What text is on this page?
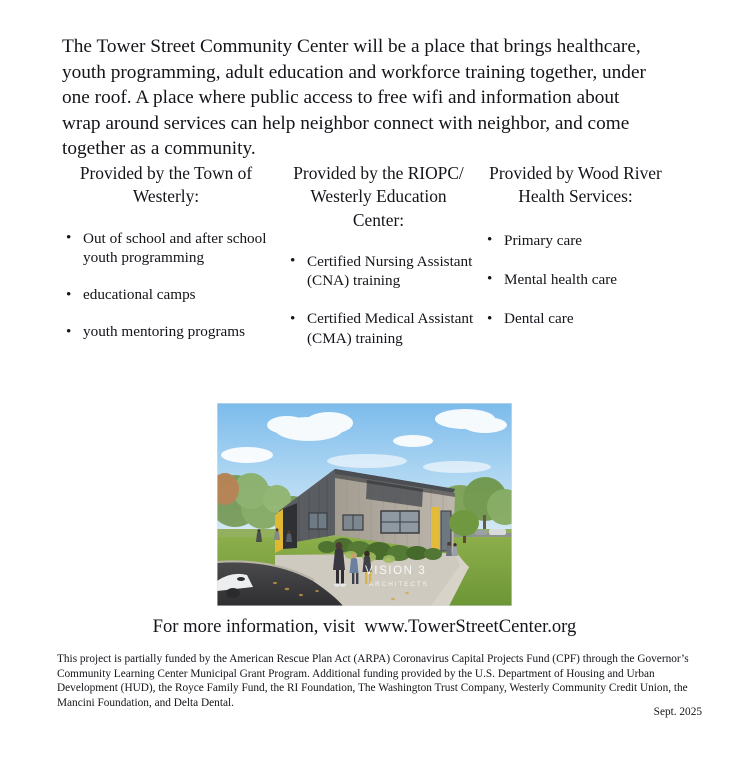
The Tower Street Community Center will be a place that brings healthcare, youth programming, adult education and workforce training together, under one roof. A place where public access to free wifi and information about wrap around services can help neighbor connect with neighbor, and come together as a community.

Provided by the Town of Westerly:

• Out of school and after school youth programming
• educational camps
• youth mentoring programs

Provided by the RIOPC/ Westerly Education Center:

• Certified Nursing Assistant (CNA) training
• Certified Medical Assistant (CMA) training

Provided by Wood River Health Services:

• Primary care
• Mental health care
• Dental care
VISION 3
ARCHITECTS
For more information, visit  www.TowerStreetCenter.org
This project is partially funded by the American Rescue Plan Act (ARPA) Coronavirus Capital Projects Fund (CPF) through the Governor’s Community Learning Center Municipal Grant Program. Additional funding provided by the U.S. Department of Housing and Urban Development (HUD), the Royce Family Fund, the RI Foundation, The Washington Trust Company, Westerly Community Credit Union, the Mancini Foundation, and Delta Dental.
Sept. 2025
